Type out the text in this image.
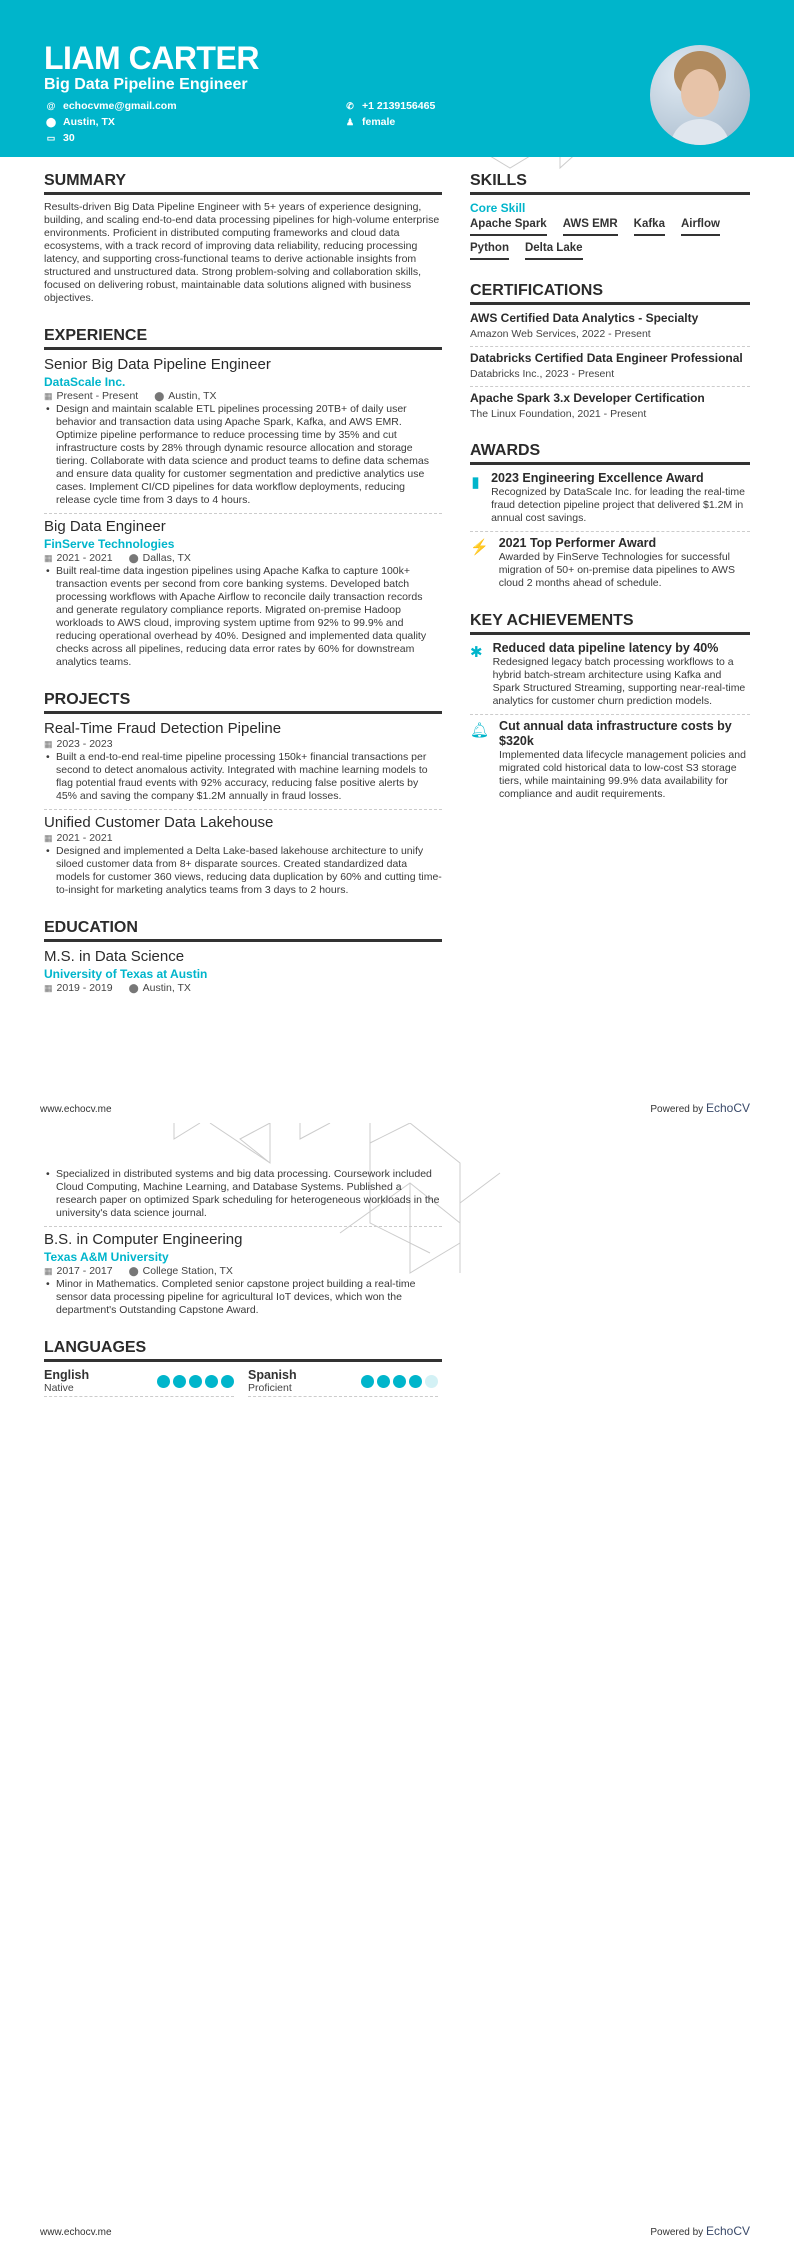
LIAM CARTER
Big Data Pipeline Engineer
@ echocvme@gmail.com
⬤ Austin, TX
▭ 30
✆ +1 2139156465
♟ female
SUMMARY
Results-driven Big Data Pipeline Engineer with 5+ years of experience designing, building, and scaling end-to-end data processing pipelines for high-volume enterprise environments. Proficient in distributed computing frameworks and cloud data ecosystems, with a track record of improving data reliability, reducing processing latency, and supporting cross-functional teams to derive actionable insights from structured and unstructured data. Strong problem-solving and collaboration skills, focused on delivering robust, maintainable data solutions aligned with business objectives.
EXPERIENCE
Senior Big Data Pipeline Engineer
DataScale Inc.
▦ Present - Present ⬤ Austin, TX
• Design and maintain scalable ETL pipelines processing 20TB+ of daily user behavior and transaction data using Apache Spark, Kafka, and AWS EMR. Optimize pipeline performance to reduce processing time by 35% and cut infrastructure costs by 28% through dynamic resource allocation and storage tiering. Collaborate with data science and product teams to define data schemas and ensure data quality for customer segmentation and predictive analytics use cases. Implement CI/CD pipelines for data workflow deployments, reducing release cycle time from 3 days to 4 hours.
Big Data Engineer
FinServe Technologies
▦ 2021 - 2021 ⬤ Dallas, TX
• Built real-time data ingestion pipelines using Apache Kafka to capture 100k+ transaction events per second from core banking systems. Developed batch processing workflows with Apache Airflow to reconcile daily transaction records and generate regulatory compliance reports. Migrated on-premise Hadoop workloads to AWS cloud, improving system uptime from 92% to 99.9% and reducing operational overhead by 40%. Designed and implemented data quality checks across all pipelines, reducing data error rates by 60% for downstream analytics teams.
PROJECTS
Real-Time Fraud Detection Pipeline
▦ 2023 - 2023
• Built a end-to-end real-time pipeline processing 150k+ financial transactions per second to detect anomalous activity. Integrated with machine learning models to flag potential fraud events with 92% accuracy, reducing false positive alerts by 45% and saving the company $1.2M annually in fraud losses.
Unified Customer Data Lakehouse
▦ 2021 - 2021
• Designed and implemented a Delta Lake-based lakehouse architecture to unify siloed customer data from 8+ disparate sources. Created standardized data models for customer 360 views, reducing data duplication by 60% and cutting time-to-insight for marketing analytics teams from 3 days to 2 hours.
EDUCATION
M.S. in Data Science
University of Texas at Austin
▦ 2019 - 2019 ⬤ Austin, TX
SKILLS
Core Skill
Apache Spark AWS EMR Kafka Airflow
Python Delta Lake
CERTIFICATIONS
AWS Certified Data Analytics - Specialty
Amazon Web Services, 2022 - Present
Databricks Certified Data Engineer Professional
Databricks Inc., 2023 - Present
Apache Spark 3.x Developer Certification
The Linux Foundation, 2021 - Present
AWARDS
▮ 2023 Engineering Excellence Award
Recognized by DataScale Inc. for leading the real-time fraud detection pipeline project that delivered $1.2M in annual cost savings.
⚡ 2021 Top Performer Award
Awarded by FinServe Technologies for successful migration of 50+ on-premise data pipelines to AWS cloud 2 months ahead of schedule.
KEY ACHIEVEMENTS
✱ Reduced data pipeline latency by 40%
Redesigned legacy batch processing workflows to a hybrid batch-stream architecture using Kafka and Spark Structured Streaming, supporting near-real-time analytics for customer churn prediction models.
🔔︎ Cut annual data infrastructure costs by $320k
Implemented data lifecycle management policies and migrated cold historical data to low-cost S3 storage tiers, while maintaining 99.9% data availability for compliance and audit requirements.
www.echocv.me	Powered by EchoCV
• Specialized in distributed systems and big data processing. Coursework included Cloud Computing, Machine Learning, and Database Systems. Published a research paper on optimized Spark scheduling for heterogeneous workloads in the university's data science journal.
B.S. in Computer Engineering
Texas A&M University
▦ 2017 - 2017 ⬤ College Station, TX
• Minor in Mathematics. Completed senior capstone project building a real-time sensor data processing pipeline for agricultural IoT devices, which won the department's Outstanding Capstone Award.
LANGUAGES
English
Native
Spanish
Proficient
www.echocv.me	Powered by EchoCV
